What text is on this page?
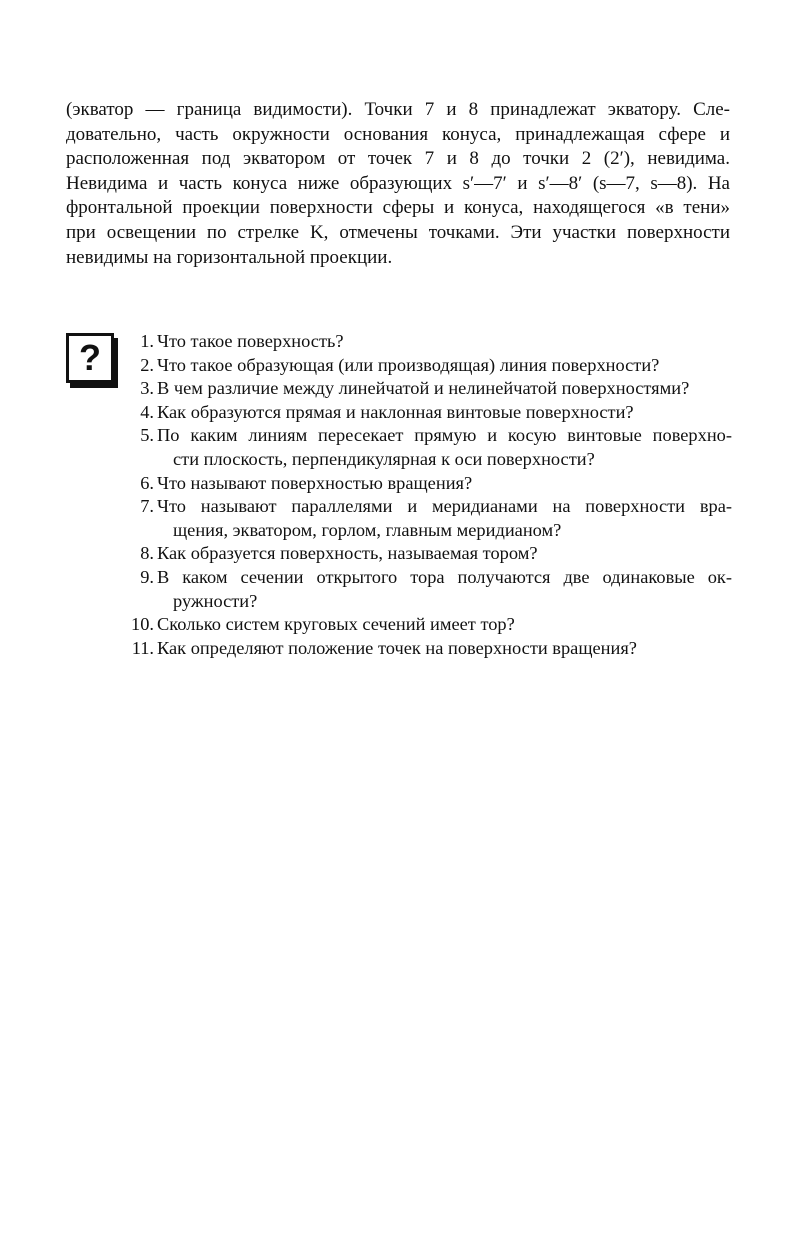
(экватор — граница видимости). Точки 7 и 8 принадлежат экватору. Сле-
довательно, часть окружности основания конуса, принадлежащая сфере и
расположенная под экватором от точек 7 и 8 до точки 2 (2′), невидима.
Невидима и часть конуса ниже образующих s′—7′ и s′—8′ (s—7, s—8). На
фронтальной проекции поверхности сферы и конуса, находящегося «в тени»
при освещении по стрелке K, отмечены точками. Эти участки поверхности
невидимы на горизонтальной проекции.
?	1. Что такое поверхность?
2. Что такое образующая (или производящая) линия поверхности?
3. В чем различие между линейчатой и нелинейчатой поверхностями?
4. Как образуются прямая и наклонная винтовые поверхности?
5. По каким линиям пересекает прямую и косую винтовые поверхно-
сти плоскость, перпендикулярная к оси поверхности?
6. Что называют поверхностью вращения?
7. Что называют параллелями и меридианами на поверхности вра-
щения, экватором, горлом, главным меридианом?
8. Как образуется поверхность, называемая тором?
9. В каком сечении открытого тора получаются две одинаковые ок-
ружности?
10. Сколько систем круговых сечений имеет тор?
11. Как определяют положение точек на поверхности вращения?
